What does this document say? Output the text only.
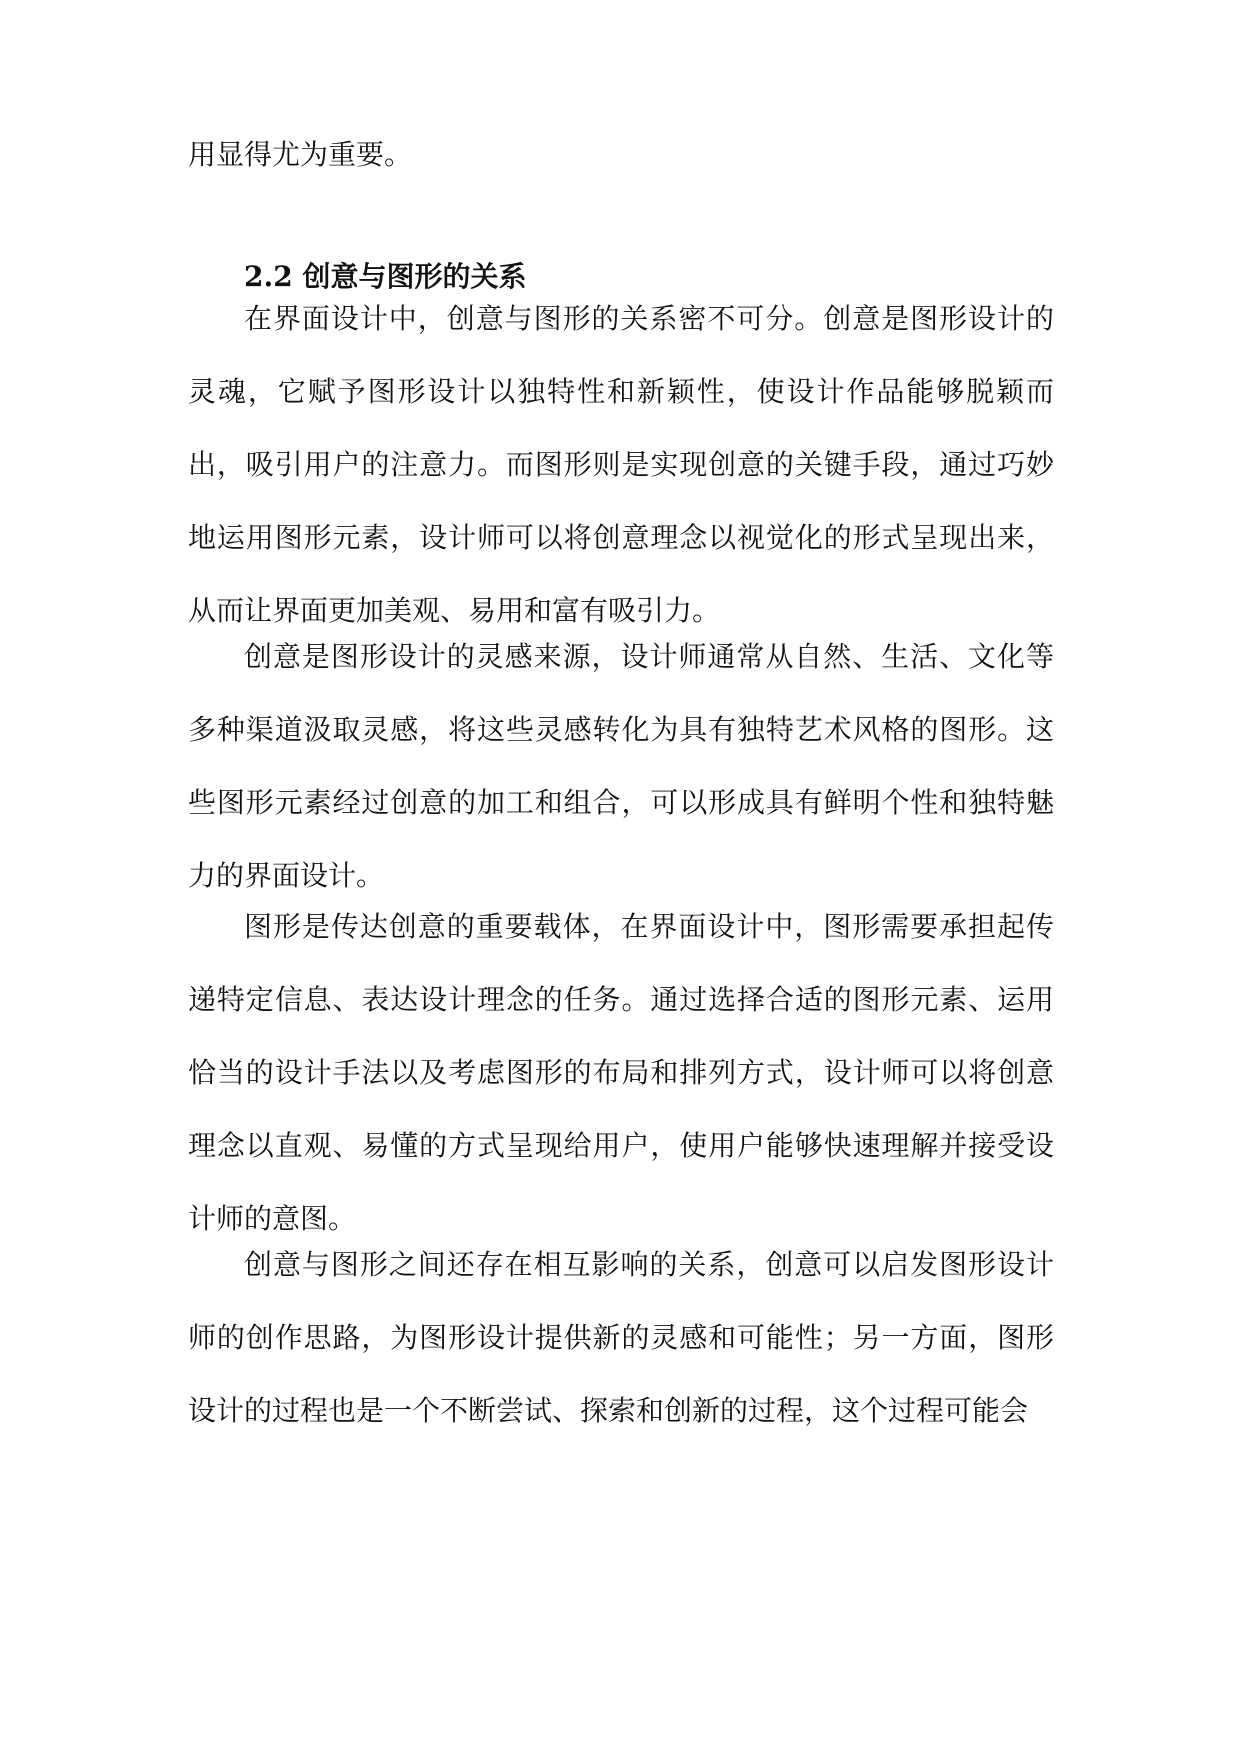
用显得尤为重要。

2.2 创意与图形的关系

在界面设计中，创意与图形的关系密不可分。创意是图形设计的灵魂，它赋予图形设计以独特性和新颖性，使设计作品能够脱颖而出，吸引用户的注意力。而图形则是实现创意的关键手段，通过巧妙地运用图形元素，设计师可以将创意理念以视觉化的形式呈现出来，从而让界面更加美观、易用和富有吸引力。

创意是图形设计的灵感来源，设计师通常从自然、生活、文化等多种渠道汲取灵感，将这些灵感转化为具有独特艺术风格的图形。这些图形元素经过创意的加工和组合，可以形成具有鲜明个性和独特魅力的界面设计。

图形是传达创意的重要载体，在界面设计中，图形需要承担起传递特定信息、表达设计理念的任务。通过选择合适的图形元素、运用恰当的设计手法以及考虑图形的布局和排列方式，设计师可以将创意理念以直观、易懂的方式呈现给用户，使用户能够快速理解并接受设计师的意图。

创意与图形之间还存在相互影响的关系，创意可以启发图形设计师的创作思路，为图形设计提供新的灵感和可能性；另一方面，图形设计的过程也是一个不断尝试、探索和创新的过程，这个过程可能会
